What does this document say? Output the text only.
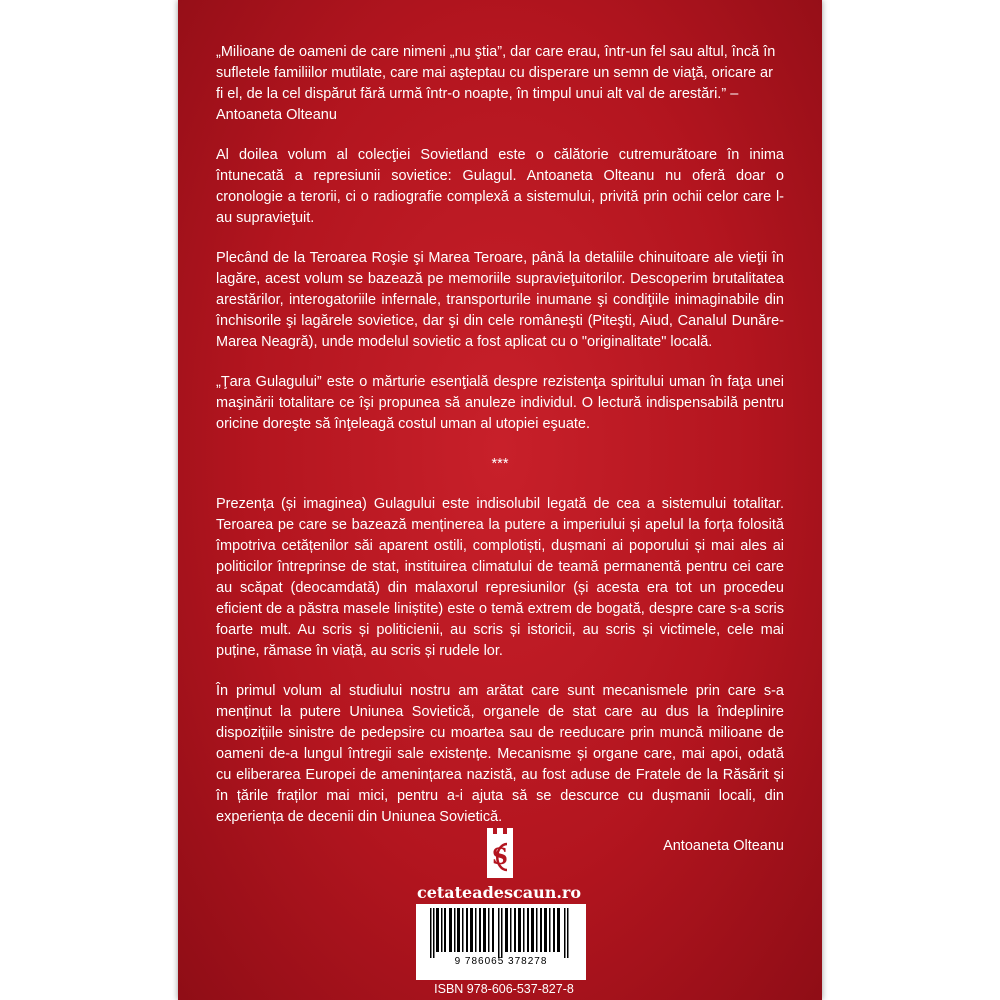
„Milioane de oameni de care nimeni „nu ştia”, dar care erau, într-un fel sau altul, încă în sufletele familiilor mutilate, care mai aşteptau cu disperare un semn de viaţă, oricare ar fi el, de la cel dispărut fără urmă într-o noapte, în timpul unui alt val de arestări.” – Antoaneta Olteanu

Al doilea volum al colecţiei Sovietland este o călătorie cutremurătoare în inima întunecată a represiunii sovietice: Gulagul. Antoaneta Olteanu nu oferă doar o cronologie a terorii, ci o radiografie complexă a sistemului, privită prin ochii celor care l-au supravieţuit.

Plecând de la Teroarea Roşie şi Marea Teroare, până la detaliile chinuitoare ale vieţii în lagăre, acest volum se bazează pe memoriile supravieţuitorilor. Descoperim brutalitatea arestărilor, interogatoriile infernale, transporturile inumane şi condiţiile inimaginabile din închisorile şi lagărele sovietice, dar şi din cele româneşti (Piteşti, Aiud, Canalul Dunăre-Marea Neagră), unde modelul sovietic a fost aplicat cu o "originalitate" locală.

„Ţara Gulagului” este o mărturie esenţială despre rezistenţa spiritului uman în faţa unei maşinării totalitare ce îşi propunea să anuleze individul. O lectură indispensabilă pentru oricine doreşte să înţeleagă costul uman al utopiei eşuate.

***

Prezența (și imaginea) Gulagului este indisolubil legată de cea a sistemului totalitar. Teroarea pe care se bazează menținerea la putere a imperiului și apelul la forța folosită împotriva cetățenilor săi aparent ostili, complotiști, dușmani ai poporului și mai ales ai politicilor întreprinse de stat, instituirea climatului de teamă permanentă pentru cei care au scăpat (deocamdată) din malaxorul represiunilor (și acesta era tot un procedeu eficient de a păstra masele liniștite) este o temă extrem de bogată, despre care s-a scris foarte mult. Au scris și politicienii, au scris și istoricii, au scris și victimele, cele mai puține, rămase în viață, au scris și rudele lor.

În primul volum al studiului nostru am arătat care sunt mecanismele prin care s-a menținut la putere Uniunea Sovietică, organele de stat care au dus la îndeplinire dispozițiile sinistre de pedepsire cu moartea sau de reeducare prin muncă milioane de oameni de-a lungul întregii sale existențe. Mecanisme și organe care, mai apoi, odată cu eliberarea Europei de amenințarea nazistă, au fost aduse de Fratele de la Răsărit și în țările fraților mai mici, pentru a-i ajuta să se descurce cu dușmanii locali, din experiența de decenii din Uniunea Sovietică.

Antoaneta Olteanu

S
cetateadescaun.ro
9 786065 378278
ISBN 978-606-537-827-8
